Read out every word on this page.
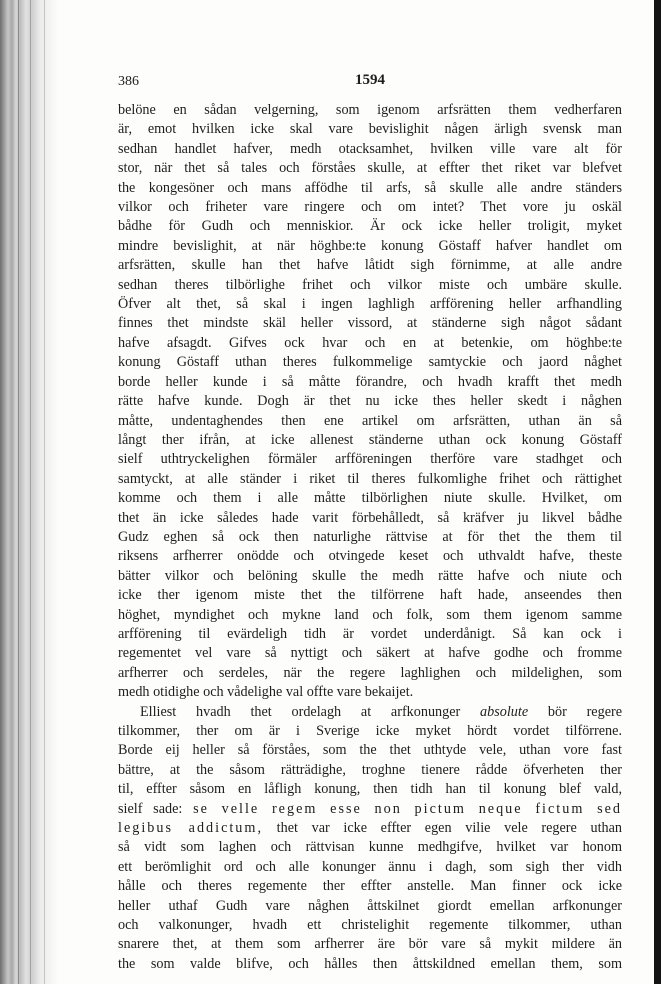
386	1594

belöne en sådan velgerning, som igenom arfsrätten them vedherfaren
är, emot hvilken icke skal vare bevislighit någen ärligh svensk man
sedhan handlet hafver, medh otacksamhet, hvilken ville vare alt för
stor, när thet så tales och förståes skulle, at effter thet riket var blefvet
the kongesöner och mans affödhe til arfs, så skulle alle andre ständers
vilkor och friheter vare ringere och om intet? Thet vore ju oskäl
bådhe för Gudh och menniskior. Är ock icke heller troligit, myket
mindre bevislighit, at när höghbe:te konung Göstaff hafver handlet om
arfsrätten, skulle han thet hafve låtidt sigh förnimme, at alle andre
sedhan theres tilbörlighe frihet och vilkor miste och umbäre skulle.
Öfver alt thet, så skal i ingen laghligh arfförening heller arfhandling
finnes thet mindste skäl heller vissord, at ständerne sigh något sådant
hafve afsagdt. Gifves ock hvar och en at betenkie, om höghbe:te
konung Göstaff uthan theres fulkommelige samtyckie och jaord någhet
borde heller kunde i så måtte förandre, och hvadh krafft thet medh
rätte hafve kunde. Dogh är thet nu icke thes heller skedt i någhen
måtte, undentaghendes then ene artikel om arfsrätten, uthan än så
långt ther ifrån, at icke allenest ständerne uthan ock konung Göstaff
sielf uthtryckelighen förmäler arfföreningen therföre vare stadhget och
samtyckt, at alle ständer i riket til theres fulkomlighe frihet och rättighet
komme och them i alle måtte tilbörlighen niute skulle. Hvilket, om
thet än icke således hade varit förbehålledt, så kräfver ju likvel bådhe
Gudz eghen så ock then naturlighe rättvise at för thet the them til
riksens arfherrer onödde och otvingede keset och uthvaldt hafve, theste
bätter vilkor och belöning skulle the medh rätte hafve och niute och
icke ther igenom miste thet the tilförrene haft hade, anseendes then
höghet, myndighet och mykne land och folk, som them igenom samme
arfförening til evärdeligh tidh är vordet underdånigt. Så kan ock i
regementet vel vare så nyttigt och säkert at hafve godhe och fromme
arfherrer och serdeles, när the regere laghlighen och mildelighen, som
medh otidighe och vådelighe val offte vare bekaijet.

Elliest hvadh thet ordelagh at arfkonunger absolute bör regere
tilkommer, ther om är i Sverige icke myket hördt vordet tilförrene.
Borde eij heller så förståes, som the thet uthtyde vele, uthan vore fast
bättre, at the såsom rätträdighe, troghne tienere rådde öfverheten ther
til, effter såsom en låfligh konung, then tidh han til konung blef vald,
sielf sade: se velle regem esse non pictum neque fictum sed
legibus addictum, thet var icke effter egen vilie vele regere uthan
så vidt som laghen och rättvisan kunne medhgifve, hvilket var honom
ett berömlighit ord och alle konunger ännu i dagh, som sigh ther vidh
hålle och theres regemente ther effter anstelle. Man finner ock icke
heller uthaf Gudh vare någhen åttskilnet giordt emellan arfkonunger
och valkonunger, hvadh ett christelighit regemente tilkommer, uthan
snarere thet, at them som arfherrer äre bör vare så mykit mildere än
the som valde blifve, och hålles then åttskildned emellan them, som
